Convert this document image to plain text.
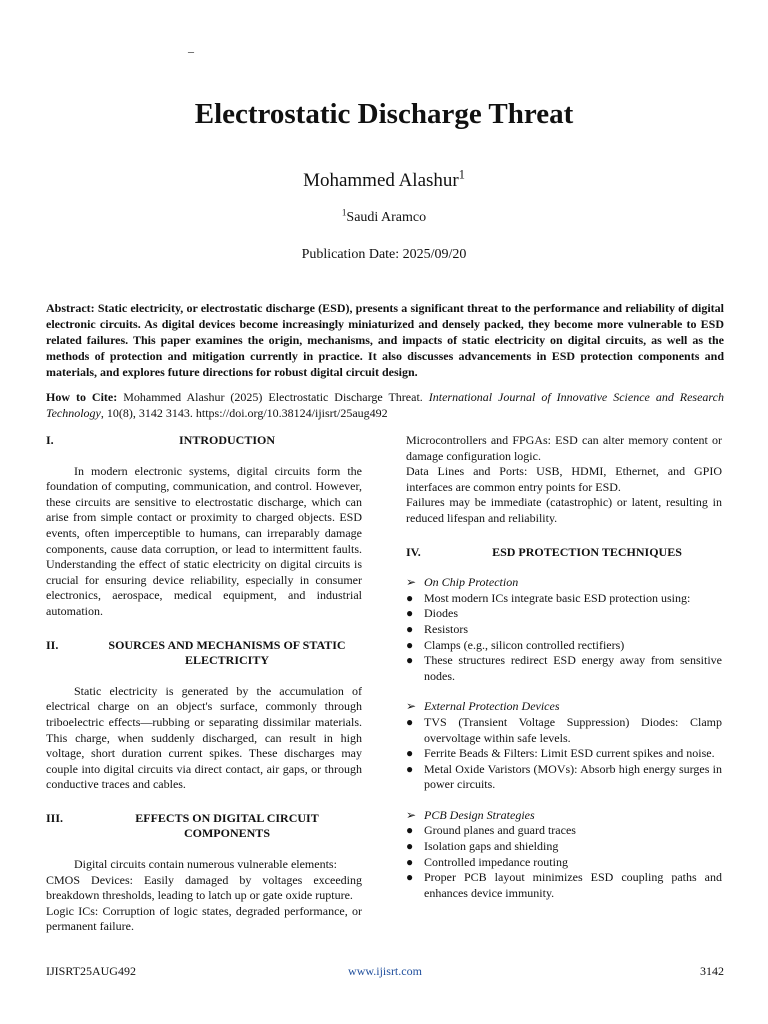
–
Electrostatic Discharge Threat
Mohammed Alashur$^1$
$^1$Saudi Aramco
Publication Date: 2025/09/20
Abstract: Static electricity, or electrostatic discharge (ESD), presents a significant threat to the performance and reliability of digital electronic circuits. As digital devices become increasingly miniaturized and densely packed, they become more vulnerable to ESD related failures. This paper examines the origin, mechanisms, and impacts of static electricity on digital circuits, as well as the methods of protection and mitigation currently in practice. It also discusses advancements in ESD protection components and materials, and explores future directions for robust digital circuit design.
How to Cite: Mohammed Alashur (2025) Electrostatic Discharge Threat. International Journal of Innovative Science and Research Technology, 10(8), 3142 3143. https://doi.org/10.38124/ijisrt/25aug492
I.	INTRODUCTION

In modern electronic systems, digital circuits form the foundation of computing, communication, and control. However, these circuits are sensitive to electrostatic discharge, which can arise from simple contact or proximity to charged objects. ESD events, often imperceptible to humans, can irreparably damage components, cause data corruption, or lead to intermittent faults. Understanding the effect of static electricity on digital circuits is crucial for ensuring device reliability, especially in consumer electronics, aerospace, medical equipment, and industrial automation.

II.	SOURCES AND MECHANISMS OF STATIC ELECTRICITY

Static electricity is generated by the accumulation of electrical charge on an object's surface, commonly through triboelectric effects—rubbing or separating dissimilar materials. This charge, when suddenly discharged, can result in high voltage, short duration current spikes. These discharges may couple into digital circuits via direct contact, air gaps, or through conductive traces and cables.

III.	EFFECTS ON DIGITAL CIRCUIT COMPONENTS

Digital circuits contain numerous vulnerable elements:

CMOS Devices: Easily damaged by voltages exceeding breakdown thresholds, leading to latch up or gate oxide rupture.

Logic ICs: Corruption of logic states, degraded performance, or permanent failure.

Microcontrollers and FPGAs: ESD can alter memory content or damage configuration logic.

Data Lines and Ports: USB, HDMI, Ethernet, and GPIO interfaces are common entry points for ESD.

Failures may be immediate (catastrophic) or latent, resulting in reduced lifespan and reliability.

IV.	ESD PROTECTION TECHNIQUES
➢ On Chip Protection
● Most modern ICs integrate basic ESD protection using:
● Diodes
● Resistors
● Clamps (e.g., silicon controlled rectifiers)
● These structures redirect ESD energy away from sensitive nodes.
➢ External Protection Devices
● TVS (Transient Voltage Suppression) Diodes: Clamp overvoltage within safe levels.
● Ferrite Beads & Filters: Limit ESD current spikes and noise.
● Metal Oxide Varistors (MOVs): Absorb high energy surges in power circuits.
➢ PCB Design Strategies
● Ground planes and guard traces
● Isolation gaps and shielding
● Controlled impedance routing
● Proper PCB layout minimizes ESD coupling paths and enhances device immunity.
IJISRT25AUG492	www.ijisrt.com	3142
